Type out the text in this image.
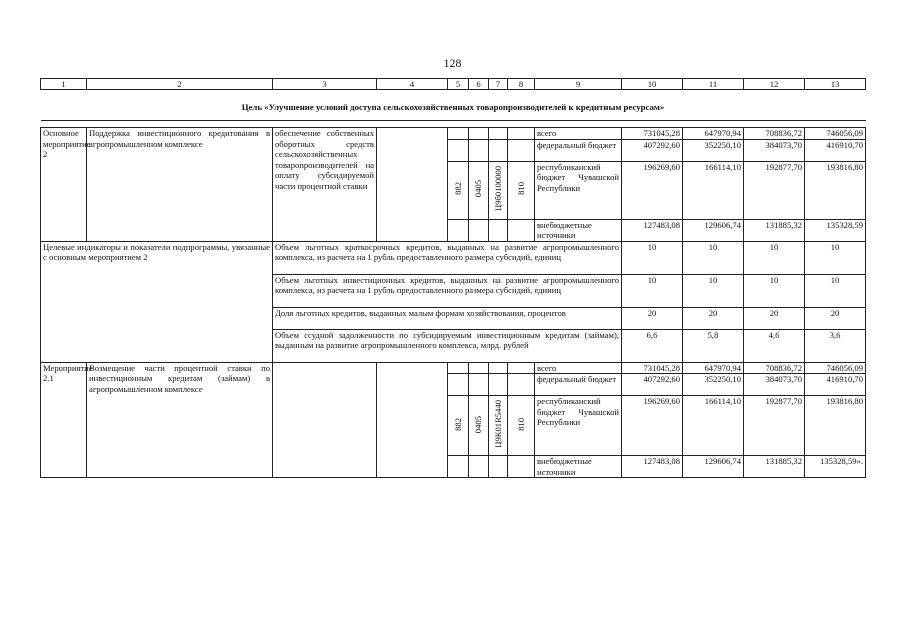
128
1	2	3	4	5	6	7	8	9	10	11	12	13
Цель «Улучшение условий доступа сельскохозяйственных товаропроизводителей к кредитным ресурсам»												

Основное мероприятие 2	Поддержка инвестиционного кредитования в агропромышленном комплексе	обеспечение собственных оборотных средств сельскохозяйственных товаропроизводителей на оплату субсидируемой части процентной ставки						всего	731045,28	647970,94	708836,72	746056,09
								федеральный бюджет	407292,60	352250,10	384073,70	416910,70
				882	0405	Ц9б0100000	810	республиканский бюджет Чувашской Республики	196269,60	166114,10	192877,70	193816,80
								внебюджетные источники	127483,08	129606,74	131885,32	135328,59
Целевые индикаторы и показатели подпрограммы, увязанные с основным мероприятием 2		Объем льготных краткосрочных кредитов, выданных на развитие агропромышленного комплекса, из расчета на 1 рубль предоставленного размера субсидий, единиц							10	10	10	10
		Объем льготных инвестиционных кредитов, выданных на развитие агропромышленного комплекса, из расчета на 1 рубль предоставленного размера субсидий, единиц							10	10	10	10
		Доля льготных кредитов, выданных малым формам хозяйствования, процентов							20	20	20	20
		Объем ссудной задолженности по субсидируемым инвестиционным кредитам (займам), выданным на развитие агропромышленного комплекса, млрд. рублей							6,6	5,8	4,6	3,6
Мероприятие 2.1	Возмещение части процентной ставки по инвестиционным кредитам (займам) в агропромышленном комплексе							всего	731045,28	647970,94	708836,72	746056,09
								федеральный бюджет	407292,60	352250,10	384073,70	416910,70
				882	0405	Ц9К01R5440	810	республиканский бюджет Чувашской Республики	196269,60	166114,10	192877,70	193816,80
								внебюджетные источники	127483,08	129606,74	131885,32	135328,59».
